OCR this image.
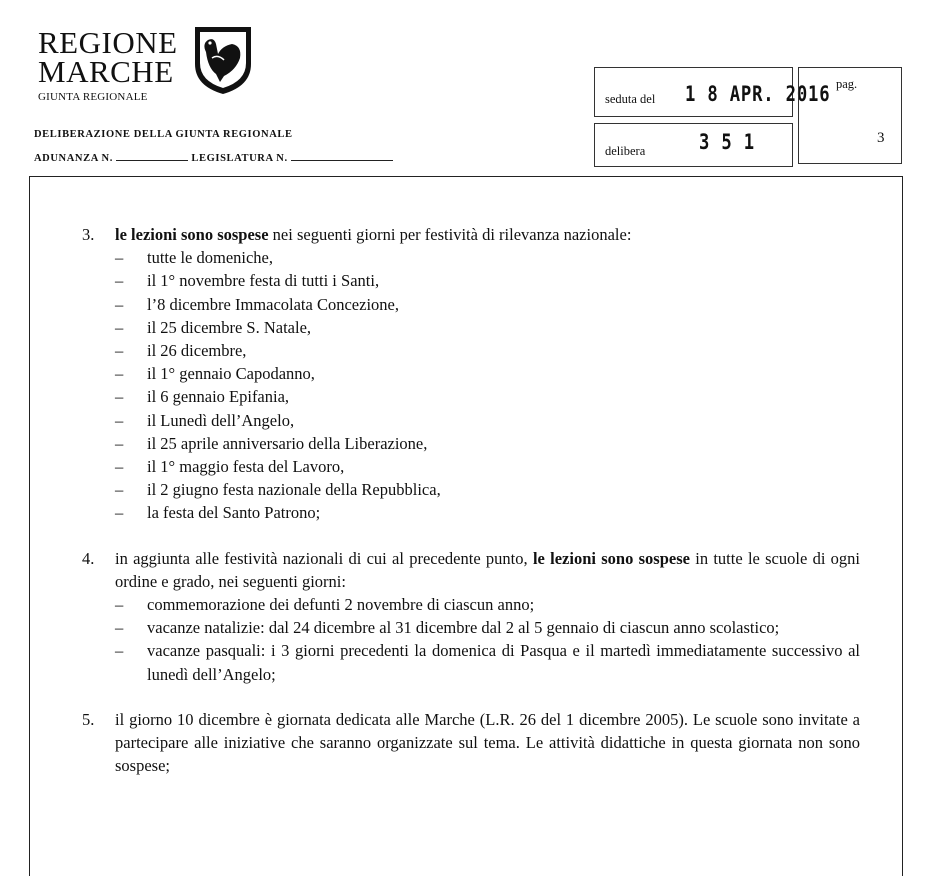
REGIONE
MARCHE
GIUNTA REGIONALE
DELIBERAZIONE DELLA GIUNTA REGIONALE
ADUNANZA N.	LEGISLATURA N.
seduta del 1 8 APR. 2016
delibera	3 5 1
pag.
3
3.	le lezioni sono sospese nei seguenti giorni per festività di rilevanza nazionale:
–	tutte le domeniche,
–	il 1° novembre festa di tutti i Santi,
–	l’8 dicembre Immacolata Concezione,
–	il 25 dicembre S. Natale,
–	il 26 dicembre,
–	il 1° gennaio Capodanno,
–	il 6 gennaio Epifania,
–	il Lunedì dell’Angelo,
–	il 25 aprile anniversario della Liberazione,
–	il 1° maggio festa del Lavoro,
–	il 2 giugno festa nazionale della Repubblica,
–	la festa del Santo Patrono;
4.	in aggiunta alle festività nazionali di cui al precedente punto, le lezioni sono sospese in tutte le scuole di ogni ordine e grado, nei seguenti giorni:
–	commemorazione dei defunti 2 novembre di ciascun anno;
–	vacanze natalizie: dal 24 dicembre al 31 dicembre dal 2 al 5 gennaio di ciascun anno scolastico;
–	vacanze pasquali: i 3 giorni precedenti la domenica di Pasqua e il martedì immediatamente successivo al lunedì dell’Angelo;
5.	il giorno 10 dicembre è giornata dedicata alle Marche (L.R. 26 del 1 dicembre 2005). Le scuole sono invitate a partecipare alle iniziative che saranno organizzate sul tema. Le attività didattiche in questa giornata non sono sospese;
